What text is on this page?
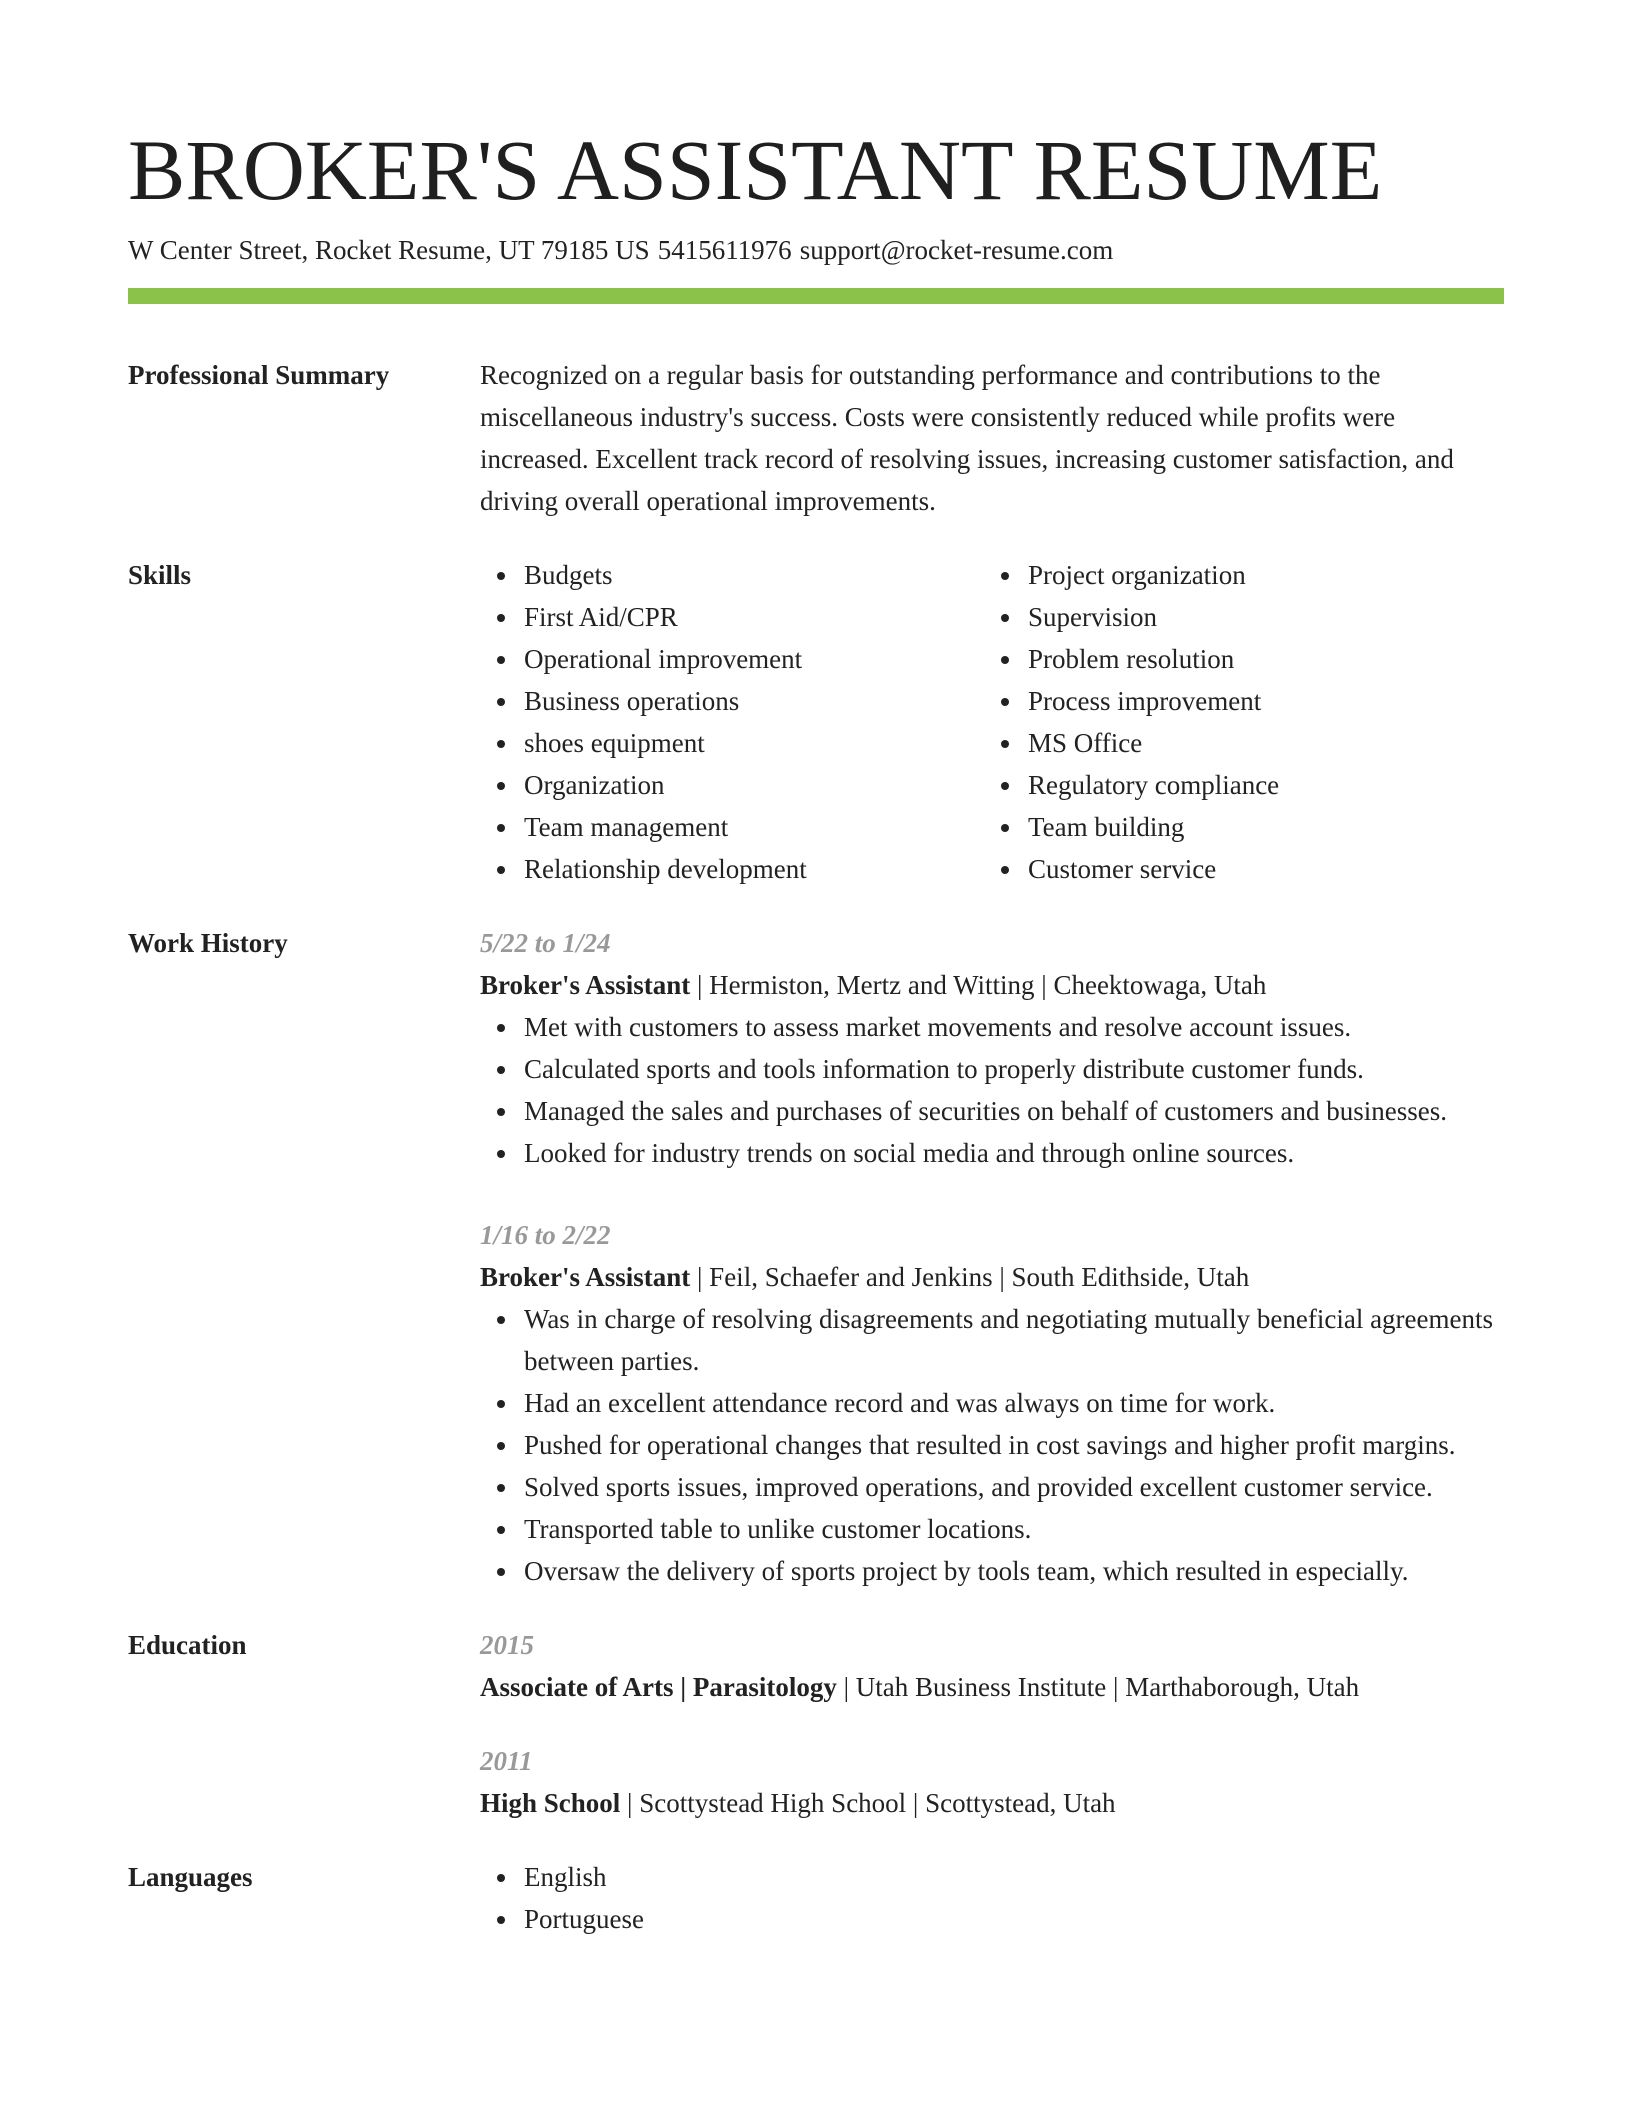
BROKER'S ASSISTANT RESUME
W Center Street, Rocket Resume, UT 79185 US 5415611976 support@rocket-resume.com
Professional Summary	Recognized on a regular basis for outstanding performance and contributions to the miscellaneous industry's success. Costs were consistently reduced while profits were increased. Excellent track record of resolving issues, increasing customer satisfaction, and driving overall operational improvements.

Skills	Budgets
First Aid/CPR
Operational improvement
Business operations
shoes equipment
Organization
Team management
Relationship development
Project organization
Supervision
Problem resolution
Process improvement
MS Office
Regulatory compliance
Team building
Customer service
Work History	5/22 to 1/24
Broker's Assistant | Hermiston, Mertz and Witting | Cheektowaga, Utah
Met with customers to assess market movements and resolve account issues.
Calculated sports and tools information to properly distribute customer funds.
Managed the sales and purchases of securities on behalf of customers and businesses.
Looked for industry trends on social media and through online sources.
1/16 to 2/22
Broker's Assistant | Feil, Schaefer and Jenkins | South Edithside, Utah
Was in charge of resolving disagreements and negotiating mutually beneficial agreements between parties.
Had an excellent attendance record and was always on time for work.
Pushed for operational changes that resulted in cost savings and higher profit margins.
Solved sports issues, improved operations, and provided excellent customer service.
Transported table to unlike customer locations.
Oversaw the delivery of sports project by tools team, which resulted in especially.
Education	2015
Associate of Arts | Parasitology | Utah Business Institute | Marthaborough, Utah
2011
High School | Scottystead High School | Scottystead, Utah
Languages	English
Portuguese
